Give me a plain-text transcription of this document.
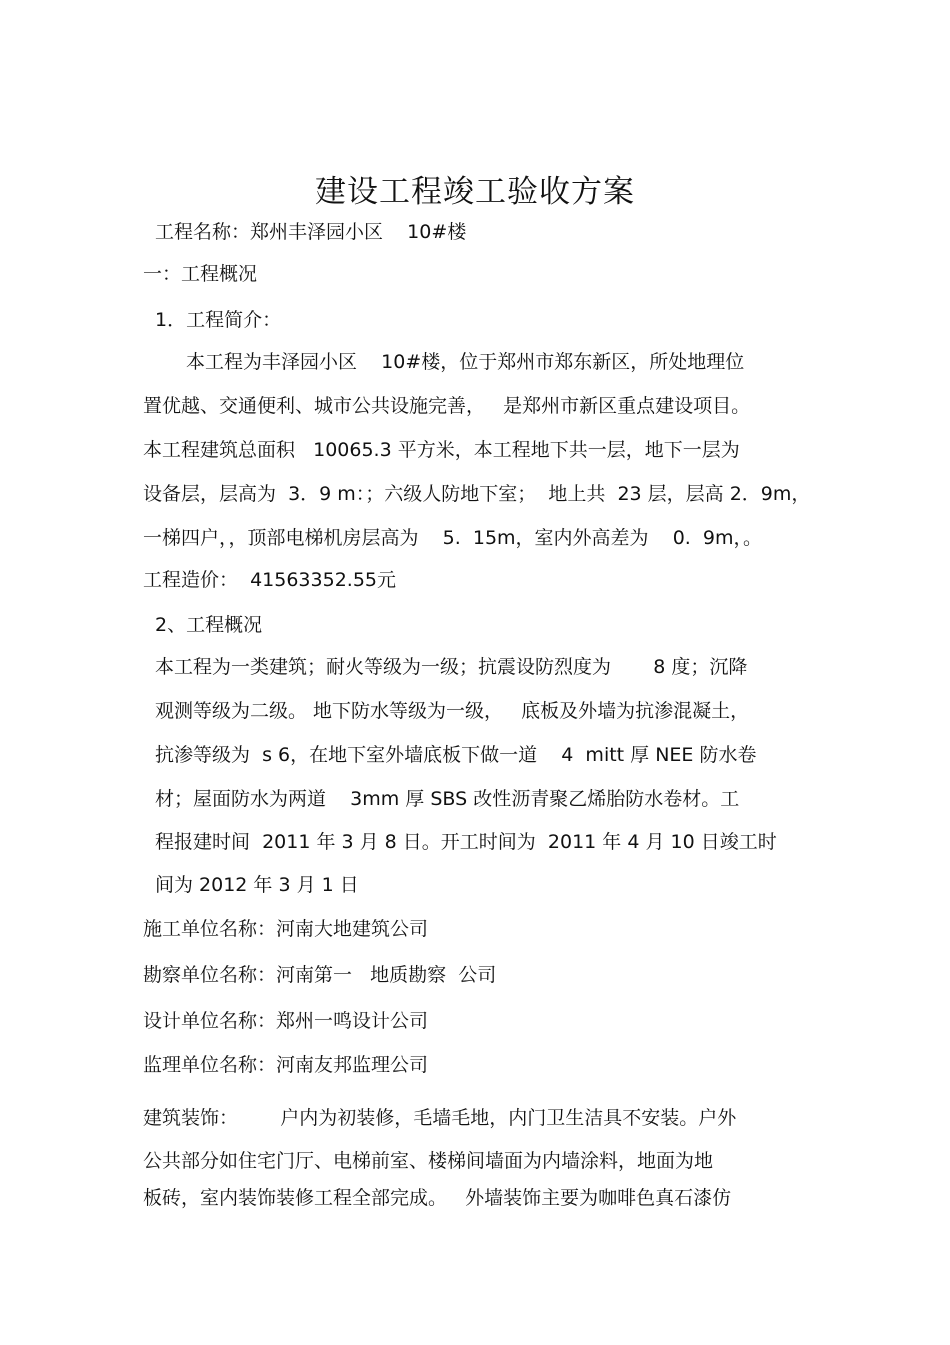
建设工程竣工验收方案
工程名称：郑州丰泽园小区    10#楼
一：工程概况
1．工程简介：
本工程为丰泽园小区    10#楼，位于郑州市郑东新区，所处地理位
置优越、交通便利、城市公共设施完善，   是郑州市新区重点建设项目。
本工程建筑总面积   10065.3 平方米，本工程地下共一层，地下一层为
设备层，层高为  3．9 m：；六级人防地下室；  地上共  23 层，层高 2．9m，
一梯四户，，顶部电梯机房层高为    5.  15m，室内外高差为    0.  9m，。
工程造价：  41563352.55元
2、工程概况
本工程为一类建筑；耐火等级为一级；抗震设防烈度为       8 度；沉降
观测等级为二级。 地下防水等级为一级，   底板及外墙为抗渗混凝土，
抗渗等级为  s 6，在地下室外墙底板下做一道    4  mitt 厚 NEE 防水卷
材；屋面防水为两道    3mm 厚 SBS 改性沥青聚乙烯胎防水卷材。工
程报建时间  2011 年 3 月 8 日。开工时间为  2011 年 4 月 10 日竣工时
间为 2012 年 3 月 1 日
施工单位名称：河南大地建筑公司
勘察单位名称：河南第一   地质勘察  公司
设计单位名称：郑州一鸣设计公司
监理单位名称：河南友邦监理公司
建筑装饰：       户内为初装修，毛墙毛地，内门卫生洁具不安装。户外
公共部分如住宅门厅、电梯前室、楼梯间墙面为内墙涂料，地面为地
板砖，室内装饰装修工程全部完成。   外墙装饰主要为咖啡色真石漆仿
